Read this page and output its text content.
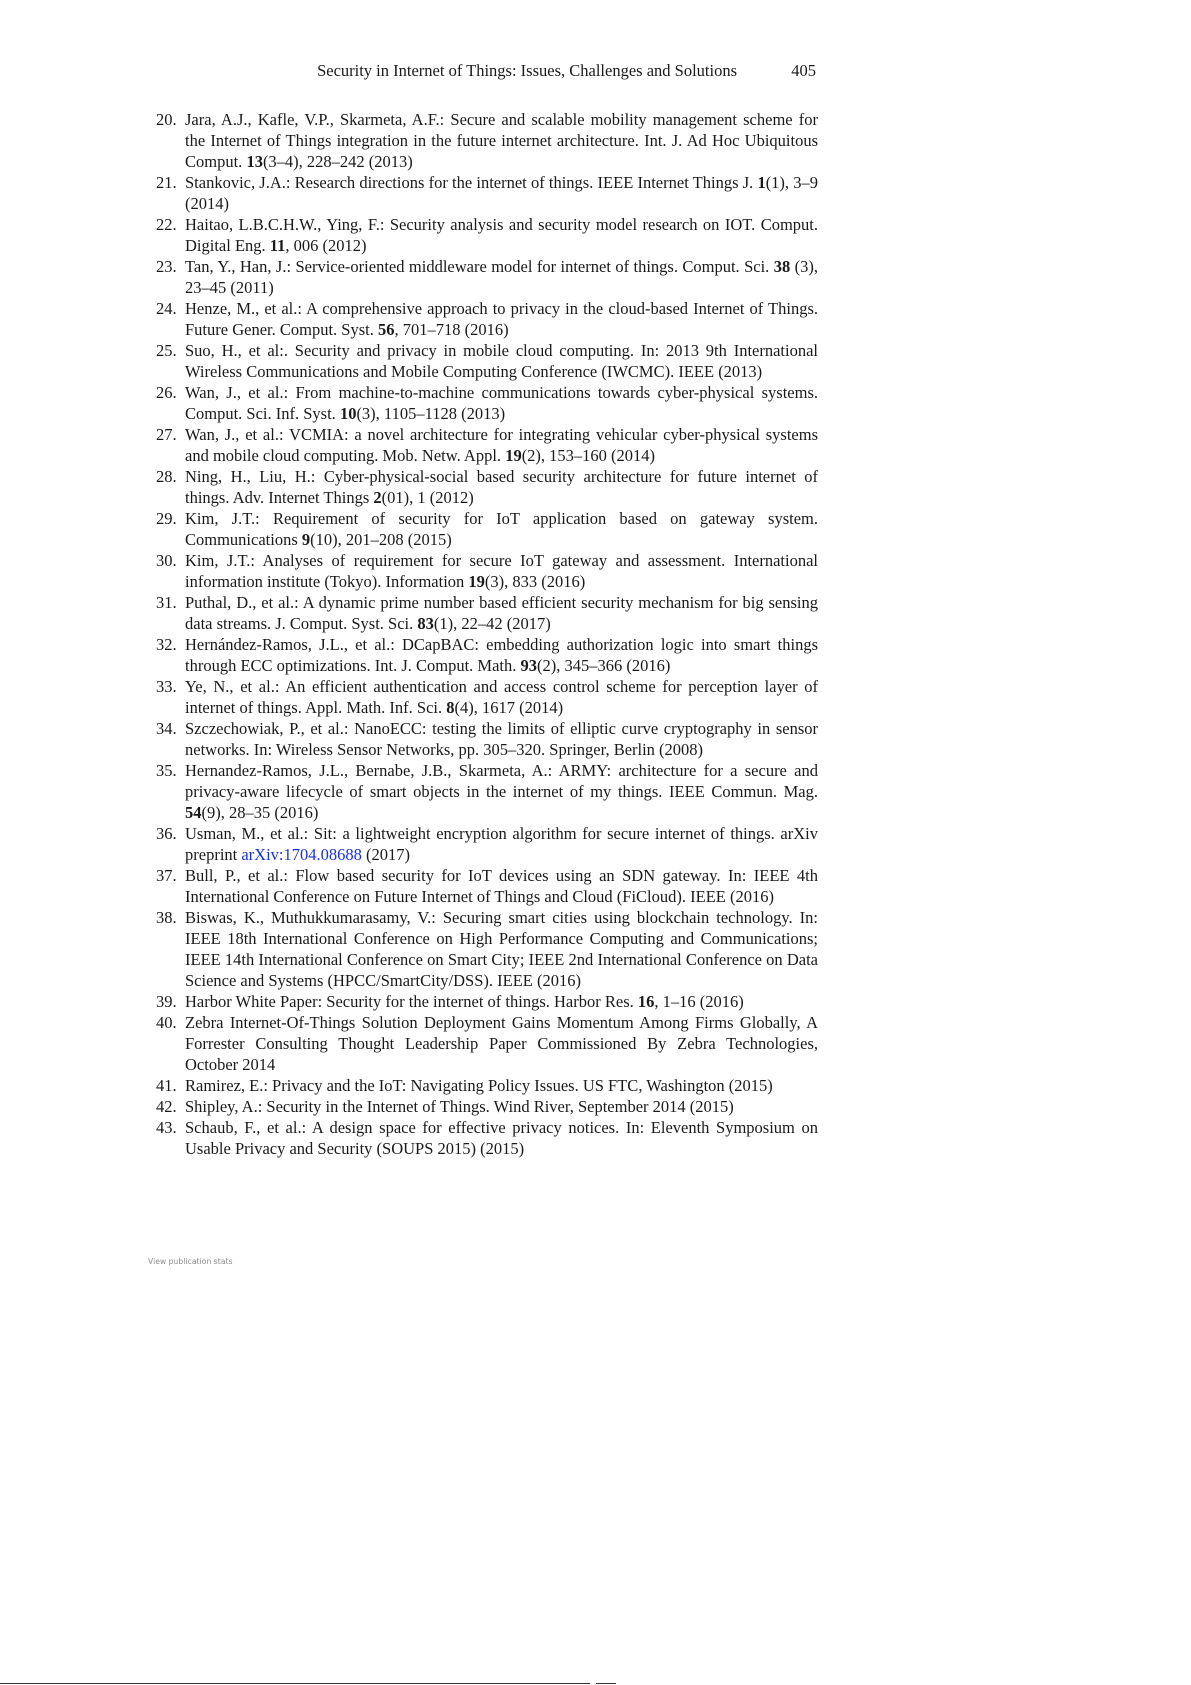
Security in Internet of Things: Issues, Challenges and Solutions	405
20. Jara, A.J., Kafle, V.P., Skarmeta, A.F.: Secure and scalable mobility management scheme for the Internet of Things integration in the future internet architecture. Int. J. Ad Hoc Ubiquitous Comput. 13(3–4), 228–242 (2013)
21. Stankovic, J.A.: Research directions for the internet of things. IEEE Internet Things J. 1(1), 3–9 (2014)
22. Haitao, L.B.C.H.W., Ying, F.: Security analysis and security model research on IOT. Comput. Digital Eng. 11, 006 (2012)
23. Tan, Y., Han, J.: Service-oriented middleware model for internet of things. Comput. Sci. 38 (3), 23–45 (2011)
24. Henze, M., et al.: A comprehensive approach to privacy in the cloud-based Internet of Things. Future Gener. Comput. Syst. 56, 701–718 (2016)
25. Suo, H., et al:. Security and privacy in mobile cloud computing. In: 2013 9th International Wireless Communications and Mobile Computing Conference (IWCMC). IEEE (2013)
26. Wan, J., et al.: From machine-to-machine communications towards cyber-physical systems. Comput. Sci. Inf. Syst. 10(3), 1105–1128 (2013)
27. Wan, J., et al.: VCMIA: a novel architecture for integrating vehicular cyber-physical systems and mobile cloud computing. Mob. Netw. Appl. 19(2), 153–160 (2014)
28. Ning, H., Liu, H.: Cyber-physical-social based security architecture for future internet of things. Adv. Internet Things 2(01), 1 (2012)
29. Kim, J.T.: Requirement of security for IoT application based on gateway system. Communications 9(10), 201–208 (2015)
30. Kim, J.T.: Analyses of requirement for secure IoT gateway and assessment. International information institute (Tokyo). Information 19(3), 833 (2016)
31. Puthal, D., et al.: A dynamic prime number based efficient security mechanism for big sensing data streams. J. Comput. Syst. Sci. 83(1), 22–42 (2017)
32. Hernández-Ramos, J.L., et al.: DCapBAC: embedding authorization logic into smart things through ECC optimizations. Int. J. Comput. Math. 93(2), 345–366 (2016)
33. Ye, N., et al.: An efficient authentication and access control scheme for perception layer of internet of things. Appl. Math. Inf. Sci. 8(4), 1617 (2014)
34. Szczechowiak, P., et al.: NanoECC: testing the limits of elliptic curve cryptography in sensor networks. In: Wireless Sensor Networks, pp. 305–320. Springer, Berlin (2008)
35. Hernandez-Ramos, J.L., Bernabe, J.B., Skarmeta, A.: ARMY: architecture for a secure and privacy-aware lifecycle of smart objects in the internet of my things. IEEE Commun. Mag. 54(9), 28–35 (2016)
36. Usman, M., et al.: Sit: a lightweight encryption algorithm for secure internet of things. arXiv preprint arXiv:1704.08688 (2017)
37. Bull, P., et al.: Flow based security for IoT devices using an SDN gateway. In: IEEE 4th International Conference on Future Internet of Things and Cloud (FiCloud). IEEE (2016)
38. Biswas, K., Muthukkumarasamy, V.: Securing smart cities using blockchain technology. In: IEEE 18th International Conference on High Performance Computing and Communications; IEEE 14th International Conference on Smart City; IEEE 2nd International Conference on Data Science and Systems (HPCC/SmartCity/DSS). IEEE (2016)
39. Harbor White Paper: Security for the internet of things. Harbor Res. 16, 1–16 (2016)
40. Zebra Internet-Of-Things Solution Deployment Gains Momentum Among Firms Globally, A Forrester Consulting Thought Leadership Paper Commissioned By Zebra Technologies, October 2014
41. Ramirez, E.: Privacy and the IoT: Navigating Policy Issues. US FTC, Washington (2015)
42. Shipley, A.: Security in the Internet of Things. Wind River, September 2014 (2015)
43. Schaub, F., et al.: A design space for effective privacy notices. In: Eleventh Symposium on Usable Privacy and Security (SOUPS 2015) (2015)
View publication stats
